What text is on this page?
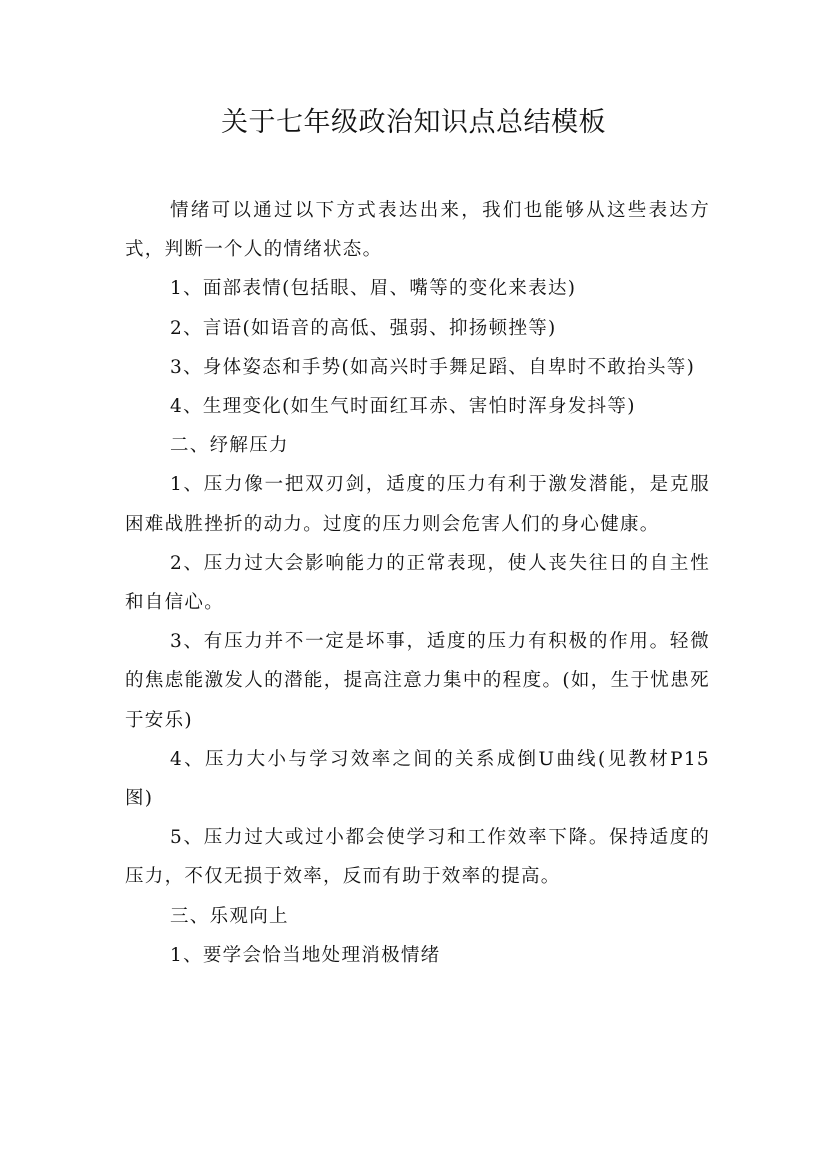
关于七年级政治知识点总结模板

情绪可以通过以下方式表达出来，我们也能够从这些表达方式，判断一个人的情绪状态。

1、面部表情(包括眼、眉、嘴等的变化来表达)

2、言语(如语音的高低、强弱、抑扬顿挫等)

3、身体姿态和手势(如高兴时手舞足蹈、自卑时不敢抬头等)

4、生理变化(如生气时面红耳赤、害怕时浑身发抖等)

二、纾解压力

1、压力像一把双刃剑，适度的压力有利于激发潜能，是克服困难战胜挫折的动力。过度的压力则会危害人们的身心健康。

2、压力过大会影响能力的正常表现，使人丧失往日的自主性和自信心。

3、有压力并不一定是坏事，适度的压力有积极的作用。轻微的焦虑能激发人的潜能，提高注意力集中的程度。(如，生于忧患死于安乐)

4、压力大小与学习效率之间的关系成倒U曲线(见教材P15图)

5、压力过大或过小都会使学习和工作效率下降。保持适度的压力，不仅无损于效率，反而有助于效率的提高。

三、乐观向上

1、要学会恰当地处理消极情绪
